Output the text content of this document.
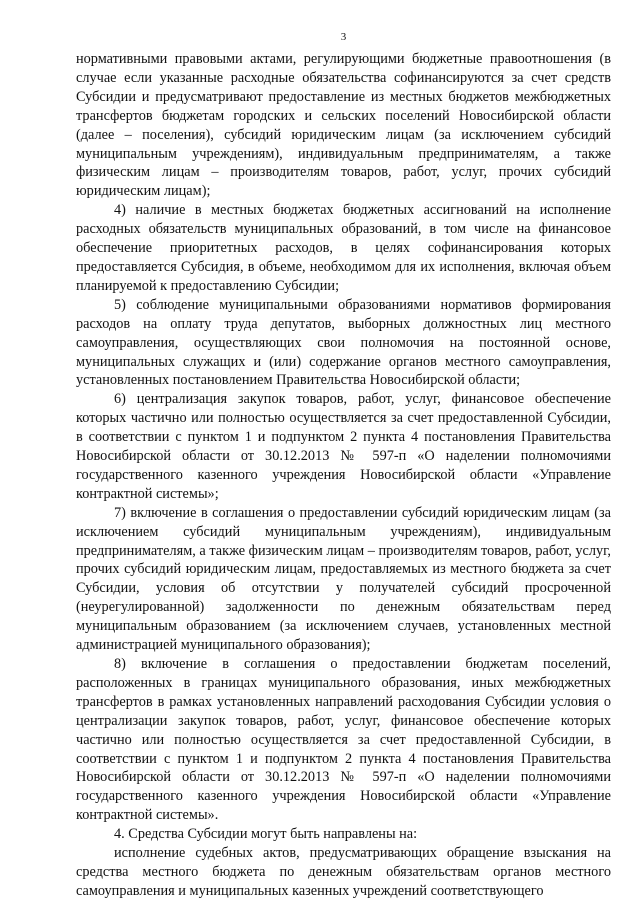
3

нормативными правовыми актами, регулирующими бюджетные правоотношения (в случае если указанные расходные обязательства софинансируются за счет средств Субсидии и предусматривают предоставление из местных бюджетов межбюджетных трансфертов бюджетам городских и сельских поселений Новосибирской области (далее – поселения), субсидий юридическим лицам (за исключением субсидий муниципальным учреждениям), индивидуальным предпринимателям, а также физическим лицам – производителям товаров, работ, услуг, прочих субсидий юридическим лицам);

4) наличие в местных бюджетах бюджетных ассигнований на исполнение расходных обязательств муниципальных образований, в том числе на финансовое обеспечение приоритетных расходов, в целях софинансирования которых предоставляется Субсидия, в объеме, необходимом для их исполнения, включая объем планируемой к предоставлению Субсидии;

5) соблюдение муниципальными образованиями нормативов формирования расходов на оплату труда депутатов, выборных должностных лиц местного самоуправления, осуществляющих свои полномочия на постоянной основе, муниципальных служащих и (или) содержание органов местного самоуправления, установленных постановлением Правительства Новосибирской области;

6) централизация закупок товаров, работ, услуг, финансовое обеспечение которых частично или полностью осуществляется за счет предоставленной Субсидии, в соответствии с пунктом 1 и подпунктом 2 пункта 4 постановления Правительства Новосибирской области от 30.12.2013 № 597-п «О наделении полномочиями государственного казенного учреждения Новосибирской области «Управление контрактной системы»;

7) включение в соглашения о предоставлении субсидий юридическим лицам (за исключением субсидий муниципальным учреждениям), индивидуальным предпринимателям, а также физическим лицам – производителям товаров, работ, услуг, прочих субсидий юридическим лицам, предоставляемых из местного бюджета за счет Субсидии, условия об отсутствии у получателей субсидий просроченной (неурегулированной) задолженности по денежным обязательствам перед муниципальным образованием (за исключением случаев, установленных местной администрацией муниципального образования);

8) включение в соглашения о предоставлении бюджетам поселений, расположенных в границах муниципального образования, иных межбюджетных трансфертов в рамках установленных направлений расходования Субсидии условия о централизации закупок товаров, работ, услуг, финансовое обеспечение которых частично или полностью осуществляется за счет предоставленной Субсидии, в соответствии с пунктом 1 и подпунктом 2 пункта 4 постановления Правительства Новосибирской области от 30.12.2013 № 597-п «О наделении полномочиями государственного казенного учреждения Новосибирской области «Управление контрактной системы».

4. Средства Субсидии могут быть направлены на:

исполнение судебных актов, предусматривающих обращение взыскания на средства местного бюджета по денежным обязательствам органов местного самоуправления и муниципальных казенных учреждений соответствующего
